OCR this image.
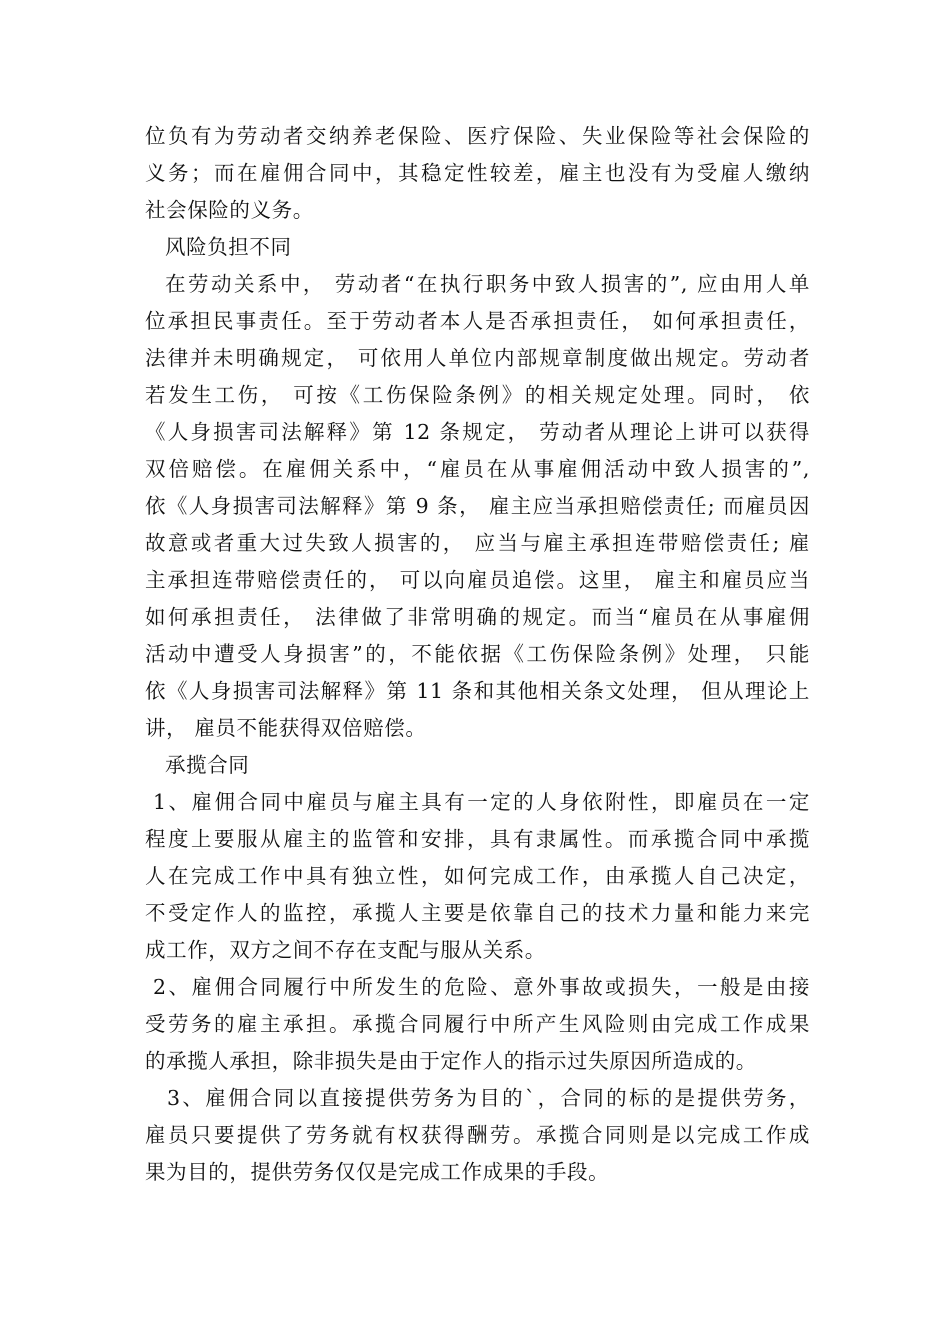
位负有为劳动者交纳养老保险、医疗保险、失业保险等社会保险的
义务；而在雇佣合同中，其稳定性较差，雇主也没有为受雇人缴纳
社会保险的义务。
风险负担不同
在劳动关系中， 劳动者“在执行职务中致人损害的”, 应由用人单
位承担民事责任。至于劳动者本人是否承担责任， 如何承担责任，
法律并未明确规定， 可依用人单位内部规章制度做出规定。劳动者
若发生工伤， 可按《工伤保险条例》的相关规定处理。同时， 依
《人身损害司法解释》第 12 条规定， 劳动者从理论上讲可以获得
双倍赔偿。在雇佣关系中，“雇员在从事雇佣活动中致人损害的”,
依《人身损害司法解释》第 9 条， 雇主应当承担赔偿责任; 而雇员因
故意或者重大过失致人损害的， 应当与雇主承担连带赔偿责任; 雇
主承担连带赔偿责任的， 可以向雇员追偿。这里， 雇主和雇员应当
如何承担责任， 法律做了非常明确的规定。而当“雇员在从事雇佣
活动中遭受人身损害”的，不能依据《工伤保险条例》处理， 只能
依《人身损害司法解释》第 11 条和其他相关条文处理， 但从理论上
讲， 雇员不能获得双倍赔偿。
承揽合同
1、雇佣合同中雇员与雇主具有一定的人身依附性，即雇员在一定
程度上要服从雇主的监管和安排，具有隶属性。而承揽合同中承揽
人在完成工作中具有独立性，如何完成工作，由承揽人自己决定，
不受定作人的监控，承揽人主要是依靠自己的技术力量和能力来完
成工作，双方之间不存在支配与服从关系。
2、雇佣合同履行中所发生的危险、意外事故或损失，一般是由接
受劳务的雇主承担。承揽合同履行中所产生风险则由完成工作成果
的承揽人承担，除非损失是由于定作人的指示过失原因所造成的。
3、雇佣合同以直接提供劳务为目的`，合同的标的是提供劳务，
雇员只要提供了劳务就有权获得酬劳。承揽合同则是以完成工作成
果为目的，提供劳务仅仅是完成工作成果的手段。
